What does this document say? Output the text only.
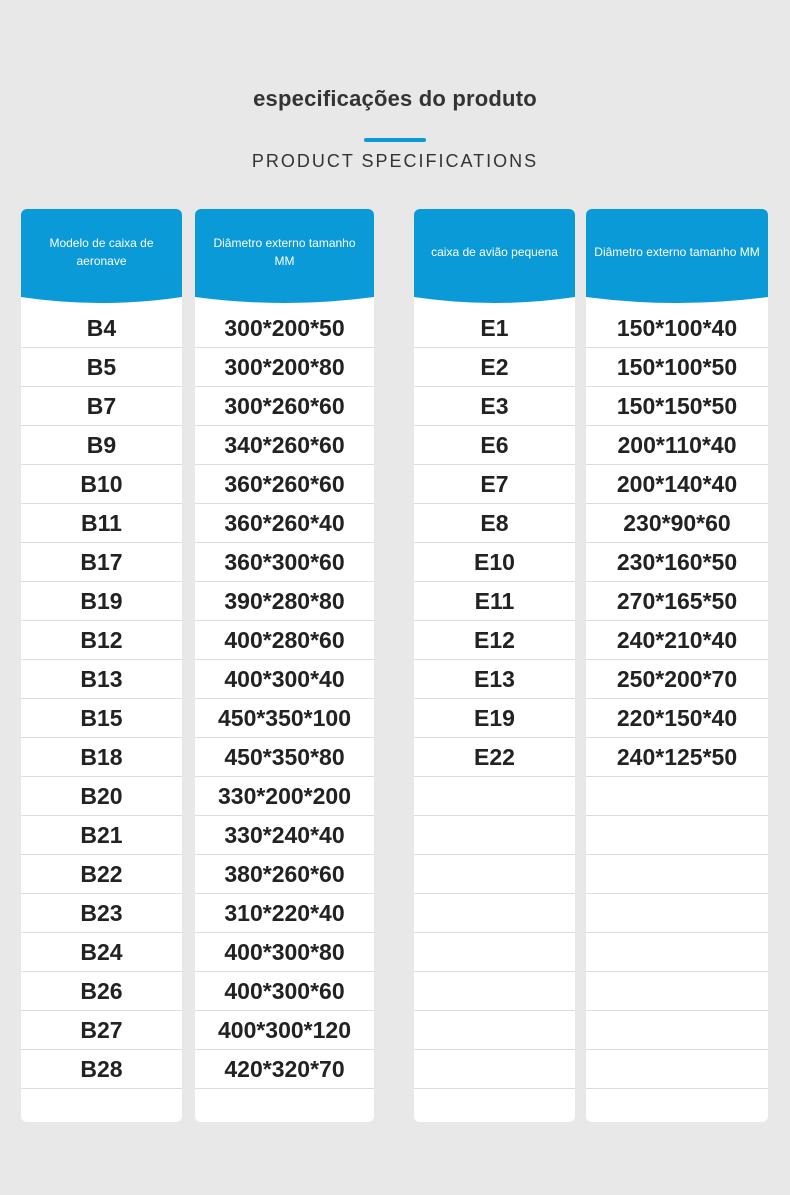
especificações do produto
PRODUCT SPECIFICATIONS
Modelo de caixa de aeronave
B4
B5
B7
B9
B10
B11
B17
B19
B12
B13
B15
B18
B20
B21
B22
B23
B24
B26
B27
B28
Diâmetro externo tamanho MM
300*200*50
300*200*80
300*260*60
340*260*60
360*260*60
360*260*40
360*300*60
390*280*80
400*280*60
400*300*40
450*350*100
450*350*80
330*200*200
330*240*40
380*260*60
310*220*40
400*300*80
400*300*60
400*300*120
420*320*70
caixa de avião pequena
E1
E2
E3
E6
E7
E8
E10
E11
E12
E13
E19
E22
Diâmetro externo tamanho MM
150*100*40
150*100*50
150*150*50
200*110*40
200*140*40
230*90*60
230*160*50
270*165*50
240*210*40
250*200*70
220*150*40
240*125*50
